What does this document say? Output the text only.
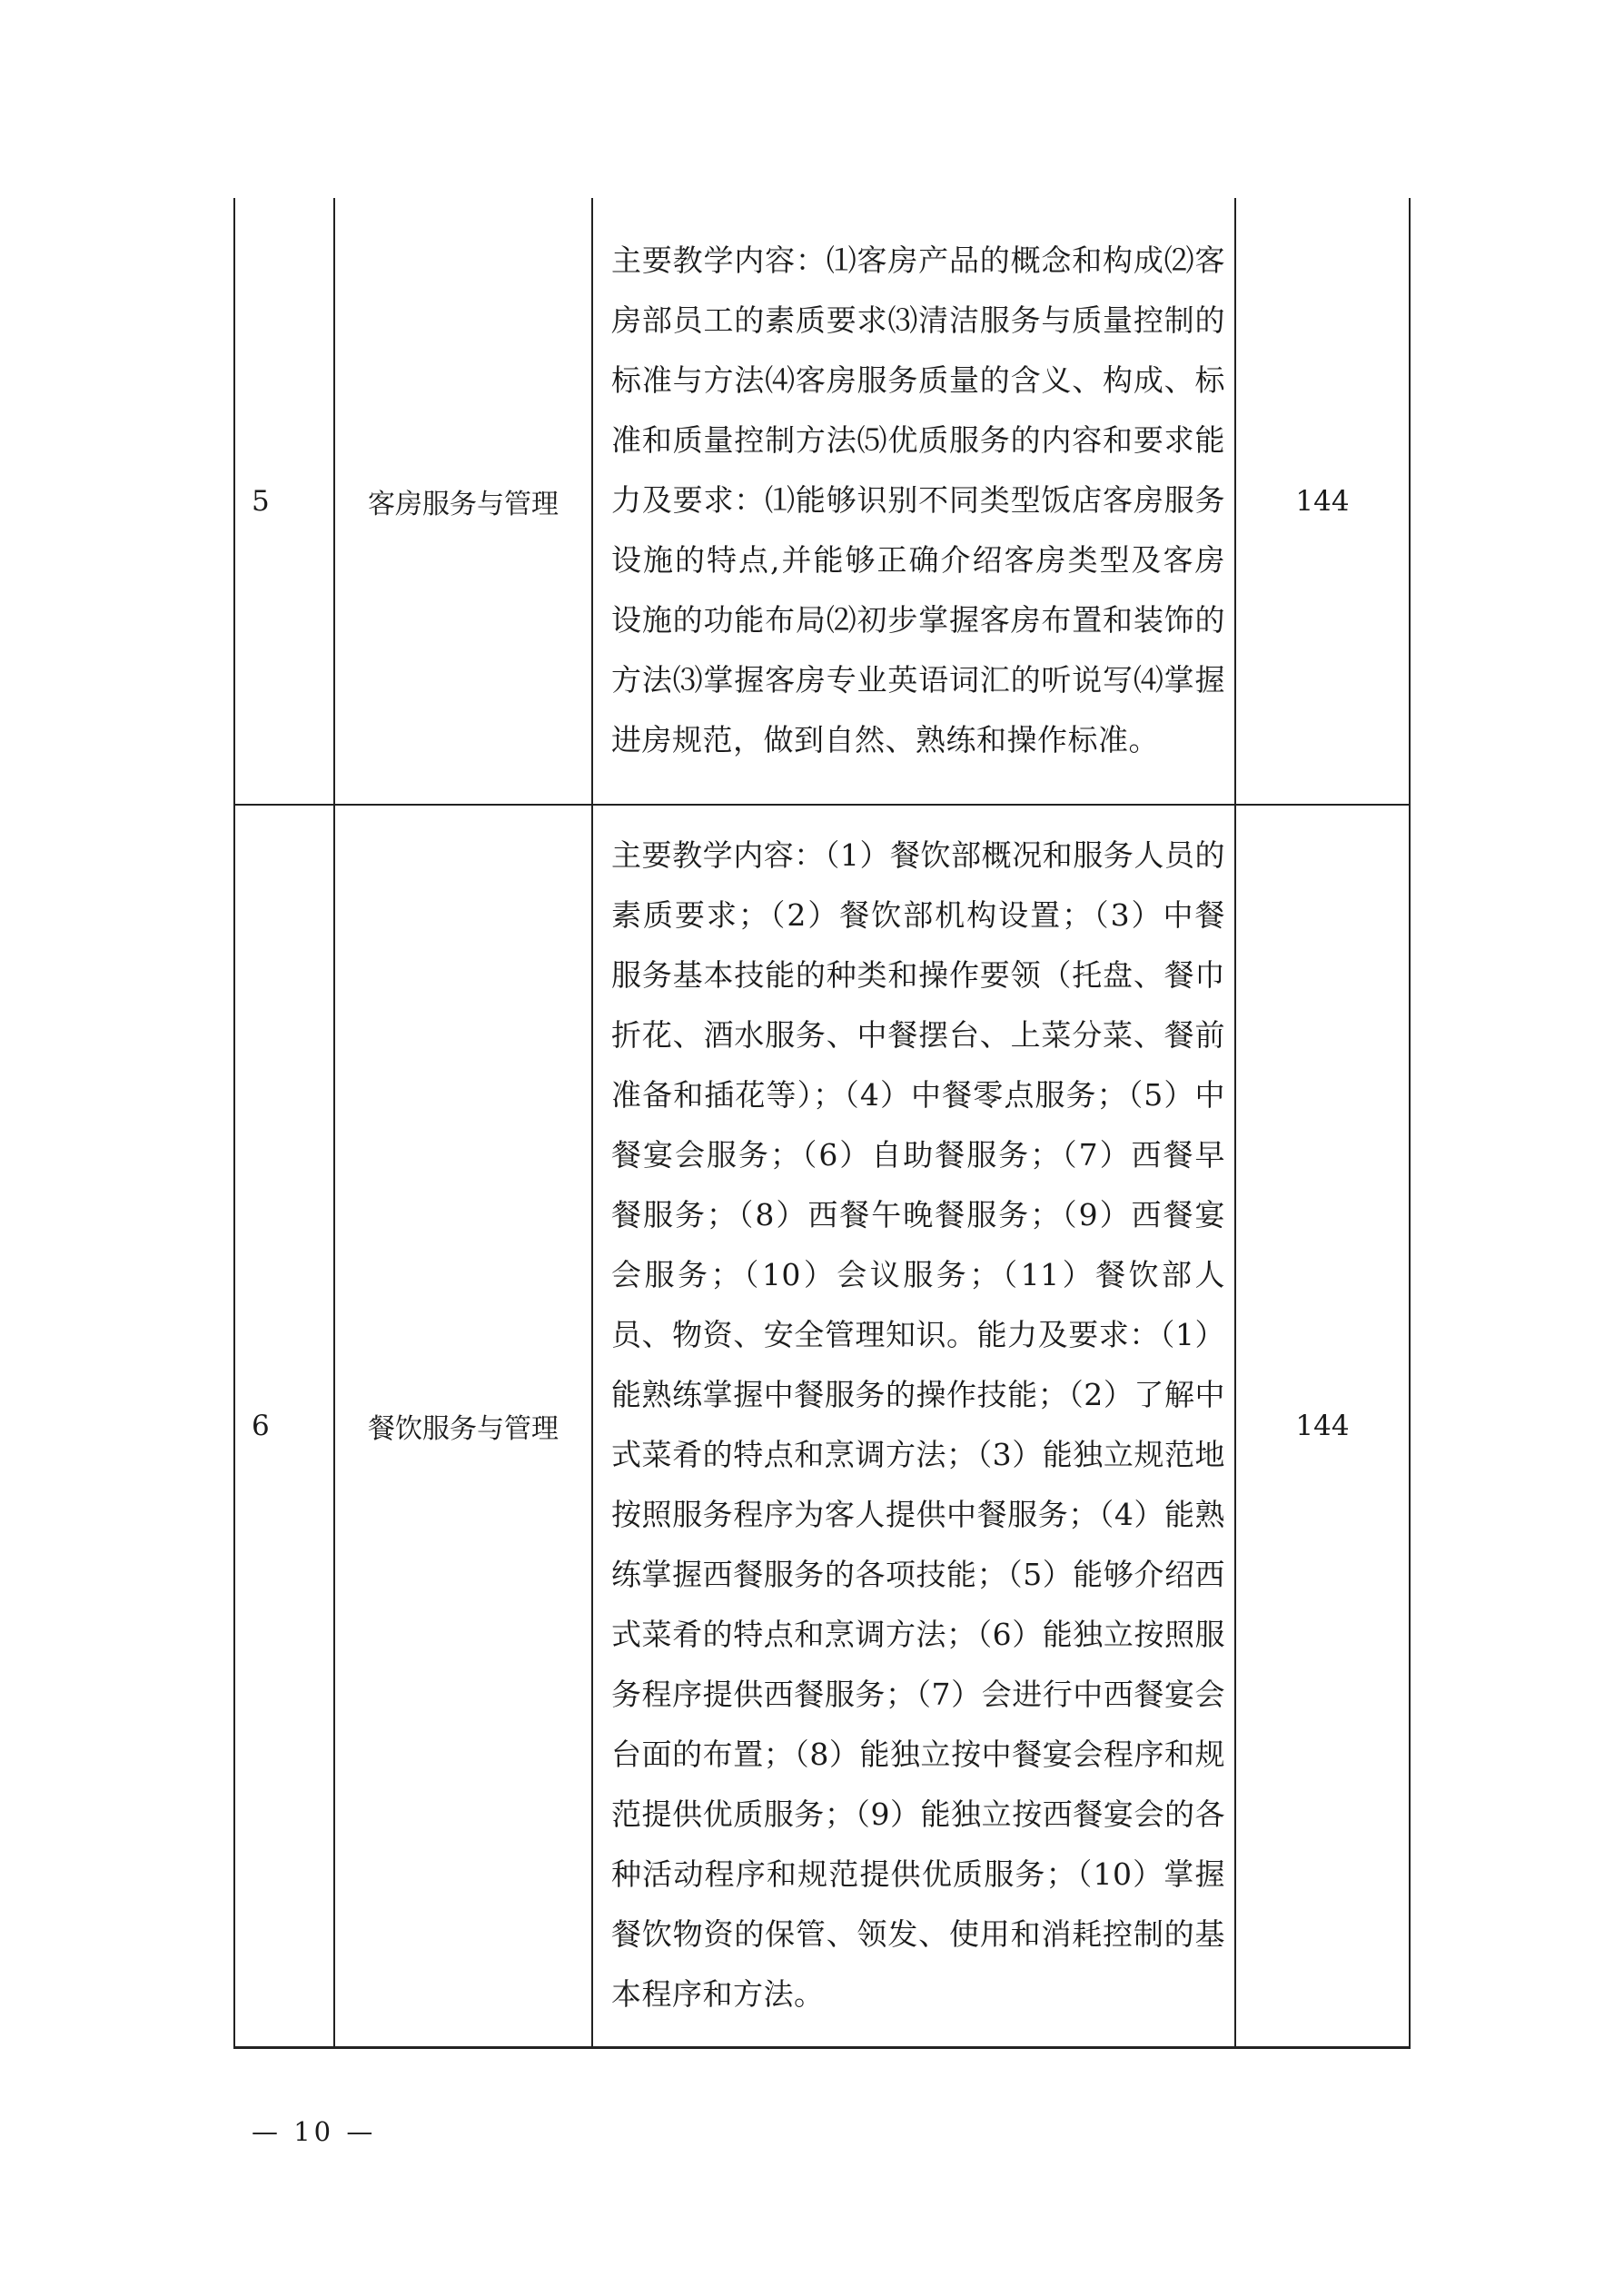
5	客房服务与管理	主要教学内容：⑴客房产品的概念和构成⑵客房部员工的素质要求⑶清洁服务与质量控制的标准与方法⑷客房服务质量的含义、构成、标准和质量控制方法⑸优质服务的内容和要求能力及要求：⑴能够识别不同类型饭店客房服务设施的特点,并能够正确介绍客房类型及客房设施的功能布局⑵初步掌握客房布置和装饰的方法⑶掌握客房专业英语词汇的听说写⑷掌握进房规范，做到自然、熟练和操作标准。	144
6	餐饮服务与管理	主要教学内容：（1）餐饮部概况和服务人员的素质要求；（2）餐饮部机构设置；（3）中餐服务基本技能的种类和操作要领（托盘、餐巾折花、酒水服务、中餐摆台、上菜分菜、餐前准备和插花等）；（4）中餐零点服务；（5）中餐宴会服务；（6）自助餐服务；（7）西餐早餐服务；（8）西餐午晚餐服务；（9）西餐宴会服务；（10）会议服务；（11）餐饮部人员、物资、安全管理知识。能力及要求：（1）能熟练掌握中餐服务的操作技能；（2）了解中式菜肴的特点和烹调方法；（3）能独立规范地按照服务程序为客人提供中餐服务；（4）能熟练掌握西餐服务的各项技能；（5）能够介绍西式菜肴的特点和烹调方法；（6）能独立按照服务程序提供西餐服务；（7）会进行中西餐宴会台面的布置；（8）能独立按中餐宴会程序和规范提供优质服务；（9）能独立按西餐宴会的各种活动程序和规范提供优质服务；（10）掌握餐饮物资的保管、领发、使用和消耗控制的基本程序和方法。	144
— 10 —
